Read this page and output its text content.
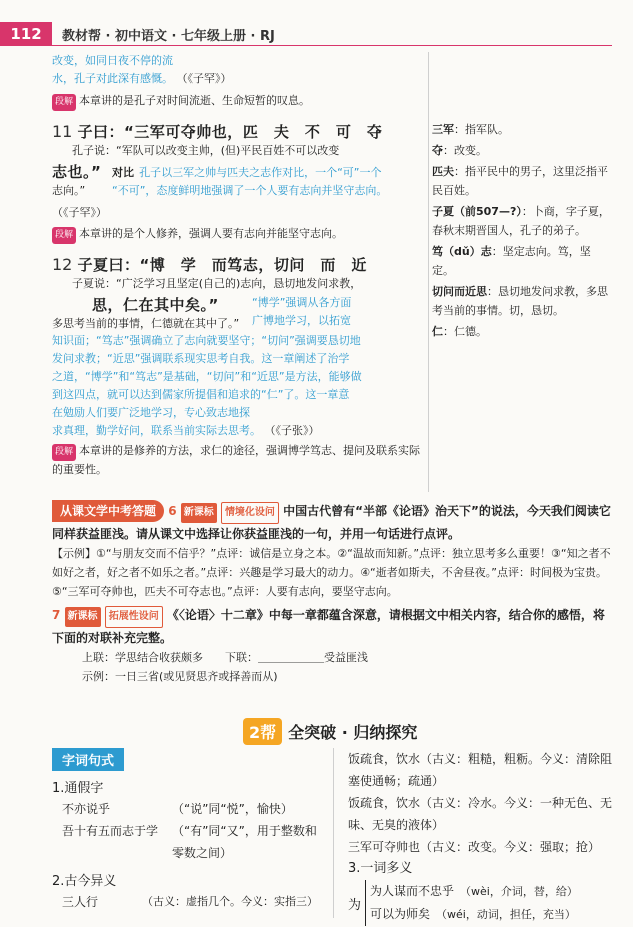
112	教材帮 · 初中语文 · 七年级上册 · RJ
改变，如同日夜不停的流
水，孔子对此深有感慨。 （《子罕》）
段解 本章讲的是孔子对时间流逝、生命短暂的叹息。
11 子曰：“三军可夺帅也，匹　夫　不　可　夺
孔子说：“军队可以改变主帅，(但)平民百姓不可以改变
志也。”
志向。”
对比 孔子以三军之帅与匹夫之志作对比，一个“可”一个
“不可”，态度鲜明地强调了一个人要有志向并坚守志向。
（《子罕》）
段解 本章讲的是个人修养，强调人要有志向并能坚守志向。
12 子夏曰：“博　学　而笃志，切问　而　近
子夏说：“广泛学习且坚定(自己的)志向，恳切地发问求教，
思，仁在其中矣。”
多思考当前的事情，仁德就在其中了。”
“博学”强调从各方面
广博地学习，以拓宽
知识面；“笃志”强调确立了志向就要坚守；“切问”强调要恳切地
发问求教；“近思”强调联系现实思考自我。这一章阐述了治学
之道，“博学”和“笃志”是基础，“切问”和“近思”是方法，能够做
到这四点，就可以达到儒家所提倡和追求的“仁”了。这一章意
在勉励人们要广泛地学习，专心致志地探
求真理，勤学好问，联系当前实际去思考。 （《子张》）
段解 本章讲的是修养的方法，求仁的途径，强调博学笃志、提问及联系实际的重要性。

三军：指军队。

夺：改变。

匹夫：指平民中的男子，这里泛指平民百姓。

子夏（前507—?）：卜商，字子夏，春秋末期晋国人，孔子的弟子。

笃（dǔ）志：坚定志向。笃，坚定。

切问而近思：恳切地发问求教，多思考当前的事情。切，恳切。

仁：仁德。

从课文学中考答题 6 新课标 情境化设问 中国古代曾有“半部《论语》治天下”的说法，今天我们阅读它同样获益匪浅。请从课文中选择让你获益匪浅的一句，并用一句话进行点评。
【示例】①“与朋友交而不信乎？”点评：诚信是立身之本。②“温故而知新。”点评：独立思考多么重要！③“知之者不如好之者，好之者不如乐之者。”点评：兴趣是学习最大的动力。④“逝者如斯夫，不舍昼夜。”点评：时间极为宝贵。⑤“三军可夺帅也，匹夫不可夺志也。”点评：人要有志向，要坚守志向。
7 新课标 拓展性设问 《〈论语〉十二章》中每一章都蕴含深意，请根据文中相关内容，结合你的感悟，将下面的对联补充完整。
上联：学思结合收获颇多　　下联：＿＿＿＿＿＿受益匪浅
示例：一日三省(或见贤思齐或择善而从)
2帮 全突破 · 归纳探究
字词句式
1.通假字
不亦说乎	（“说”同“悦”，愉快）
吾十有五而志于学	（“有”同“又”，用于整数和零数之间）
2.古今异义
三人行	（古义：虚指几个。今义：实指三）
饭疏食，饮水（古义：粗糙，粗粝。今义：清除阻塞使通畅；疏通）
饭疏食，饮水（古义：冷水。今义：一种无色、无味、无臭的液体）
三军可夺帅也（古义：改变。今义：强取；抢）
3.一词多义
为
为人谋而不忠乎 （wèi，介词，替，给）
可以为师矣 （wéi，动词，担任，充当）
